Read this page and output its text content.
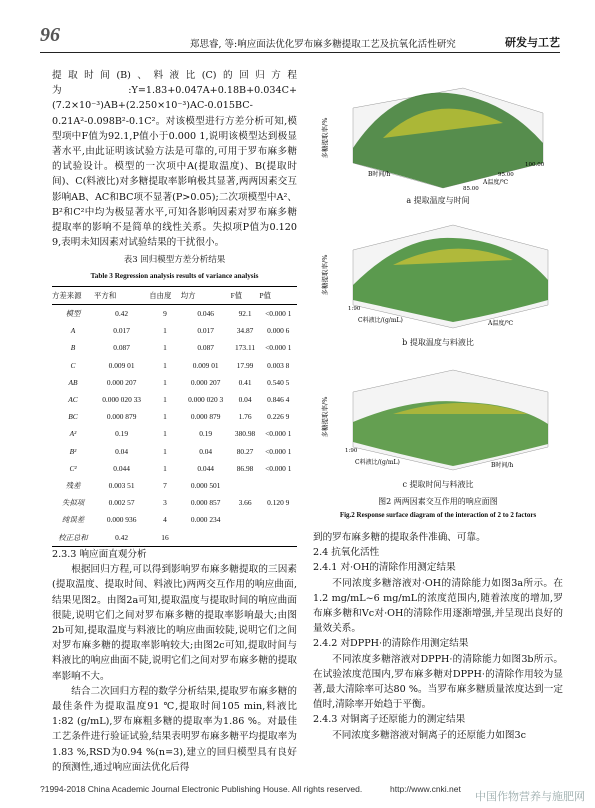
96	郑思睿, 等:响应面法优化罗布麻多糖提取工艺及抗氧化活性研究	研发与工艺

提取时间(B)、料液比(C)的回归方程为:Y=1.83+0.047A+0.18B+0.034C+(7.2×10⁻³)AB+(2.250×10⁻³)AC-0.015BC-0.21A²-0.098B²-0.1C²。对该模型进行方差分析可知,模型项中F值为92.1,P值小于0.000 1,说明该模型达到极显著水平,由此证明该试验方法是可靠的,可用于罗布麻多糖的试验设计。模型的一次项中A(提取温度)、B(提取时间)、C(料液比)对多糖提取率影响极其显著,两两因素交互影响AB、AC和BC项不显著(P>0.05);二次项模型中A²、B²和C²中均为极显著水平,可知各影响因素对罗布麻多糖提取率的影响不是简单的线性关系。失拟项P值为0.120 9,表明未知因素对试验结果的干扰很小。

表3 回归模型方差分析结果
Table 3 Regression analysis results of variance analysis
方差来源	平方和	自由度	均方	F值	P值
模型	0.42	9	0.046	92.1	<0.000 1
A	0.017	1	0.017	34.87	0.000 6
B	0.087	1	0.087	173.11	<0.000 1
C	0.009 01	1	0.009 01	17.99	0.003 8
AB	0.000 207	1	0.000 207	0.41	0.540 5
AC	0.000 020 33	1	0.000 020 3	0.04	0.846 4
BC	0.000 879	1	0.000 879	1.76	0.226 9
A²	0.19	1	0.19	380.98	<0.000 1
B²	0.04	1	0.04	80.27	<0.000 1
C²	0.044	1	0.044	86.98	<0.000 1
残差	0.003 51	7	0.000 501		
失拟项	0.002 57	3	0.000 857	3.66	0.120 9
纯误差	0.000 936	4	0.000 234		
校正总和	0.42	16			

2.3.3 响应面直观分析

根据回归方程,可以得到影响罗布麻多糖提取的三因素(提取温度、提取时间、料液比)两两交互作用的响应曲面,结果见图2。由图2a可知,提取温度与提取时间的响应曲面很陡,说明它们之间对罗布麻多糖的提取率影响最大;由图2b可知,提取温度与料液比的响应曲面较陡,说明它们之间对罗布麻多糖的提取率影响较大;由图2c可知,提取时间与料液比的响应曲面不陡,说明它们之间对罗布麻多糖的提取率影响不大。

结合二次回归方程的数学分析结果,提取罗布麻多糖的最佳条件为提取温度91 ℃,提取时间105 min,料液比1:82 (g/mL),罗布麻粗多糖的提取率为1.86 %。对最佳工艺条件进行验证试验,结果表明罗布麻多糖平均提取率为1.83 %,RSD为0.94 %(n=3),建立的回归模型具有良好的预测性,通过响应面法优化后得

多糖提取率/%
B时间/h
A温度/℃
85.00
95.00
100.00
a 提取温度与时间
多糖提取率/%
1:90
C料液比/(g/mL)	A温度/℃
b 提取温度与料液比
多糖提取率/%
1:90
C料液比/(g/mL)	B时间/h
c 提取时间与料液比
图2 两两因素交互作用的响应面图
Fig.2 Response surface diagram of the interaction of 2 to 2 factors

到的罗布麻多糖的提取条件准确、可靠。

2.4 抗氧化活性

2.4.1 对·OH的清除作用测定结果

不同浓度多糖溶液对·OH的清除能力如图3a所示。在1.2 mg/mL~6 mg/mL的浓度范围内,随着浓度的增加,罗布麻多糖和Vc对·OH的清除作用逐渐增强,并呈现出良好的量效关系。

2.4.2 对DPPH·的清除作用测定结果

不同浓度多糖溶液对DPPH·的清除能力如图3b所示。在试验浓度范围内,罗布麻多糖对DPPH·的清除作用较为显著,最大清除率可达80 %。当罗布麻多糖质量浓度达到一定值时,清除率开始趋于平衡。

2.4.3 对铜离子还原能力的测定结果

不同浓度多糖溶液对铜离子的还原能力如图3c

?1994-2018 China Academic Journal Electronic Publishing House. All rights reserved.	http://www.cnki.net
中国作物营养与施肥网
